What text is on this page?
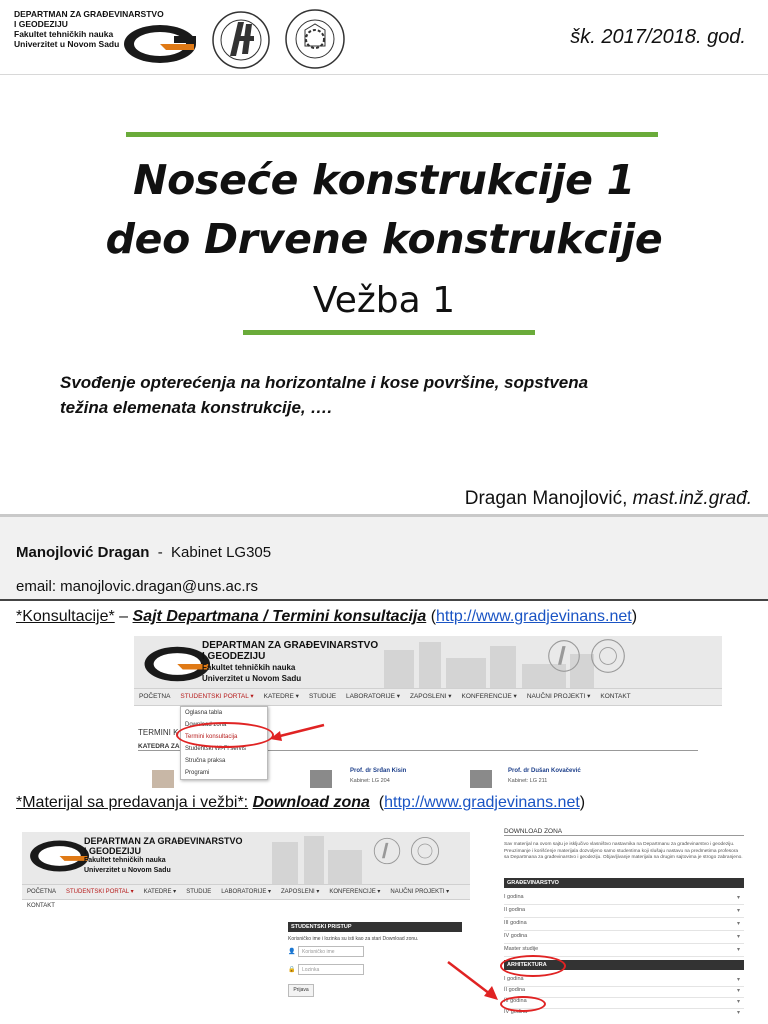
DEPARTMAN ZA GRAĐEVINARSTVO
I GEODEZIJU
Fakultet tehničkih nauka
Univerzitet u Novom Sadu	šk. 2017/2018. god.
Noseće konstrukcije 1
deo Drvene konstrukcije
Vežba 1
Svođenje opterećenja na horizontalne i kose površine, sopstvena
težina elemenata konstrukcije, ….
Dragan Manojlović, mast.inž.građ.
Manojlović Dragan  -  Kabinet LG305
email: manojlovic.dragan@uns.ac.rs
*Konsultacije* – Sajt Departmana / Termini konsultacija (http://www.gradjevinans.net)
DEPARTMAN ZA GRAĐEVINARSTVO
I GEODEZIJU
Fakultet tehničkih nauka
Univerzitet u Novom Sadu
POČETNA STUDENTSKI PORTAL ▾ KATEDRE ▾ STUDIJE LABORATORIJE ▾ ZAPOSLENI ▾ KONFERENCIJE ▾ NAUČNI PROJEKTI ▾ KONTAKT
TERMINI K
KATEDRA ZA
Oglasna tabla
Download zona
Termini konsultacija
Studentski Wi-Fi servis
Stručna praksa
Programi	Prof. dr Srđan Kisin
Kabinet: LG 204
Prof. dr Dušan Kovačević
Kabinet: LG 211
*Materijal sa predavanja i vežbi*: Download zona  (http://www.gradjevinans.net)
DEPARTMAN ZA GRAĐEVINARSTVO
I GEODEZIJU
Fakultet tehničkih nauka
Univerzitet u Novom Sadu
POČETNA STUDENTSKI PORTAL ▾ KATEDRE ▾ STUDIJE LABORATORIJE ▾ ZAPOSLENI ▾ KONFERENCIJE ▾ NAUČNI PROJEKTI ▾KONTAKT
STUDENTSKI PRISTUP
Korisničko ime i lozinka su isti kao za stari Download zonu.
👤	Korisničko ime
🔒	Lozinka
Prijava
DOWNLOAD ZONA
Sav materijal na ovom sajtu je isključivo vlasništvo nastavnika na Departmanu za građevinarstvo i geodeziju. Preuzimanje i korišćenje materijala dozvoljeno samo studentima koji slušaju nastavu na predmetima profesora sa Departmana za građevinarstvo i geodeziju. Objavljivanje materijala na drugim sajtovima je strogo zabranjeno.
GRAĐEVINARSTVO
I godina	▾
II godina	▾
III godina	▾
IV godina	▾
Master studije	▾
ARHITEKTURA
I godina	▾
II godina	▾
III godina	▾
IV godina	▾
